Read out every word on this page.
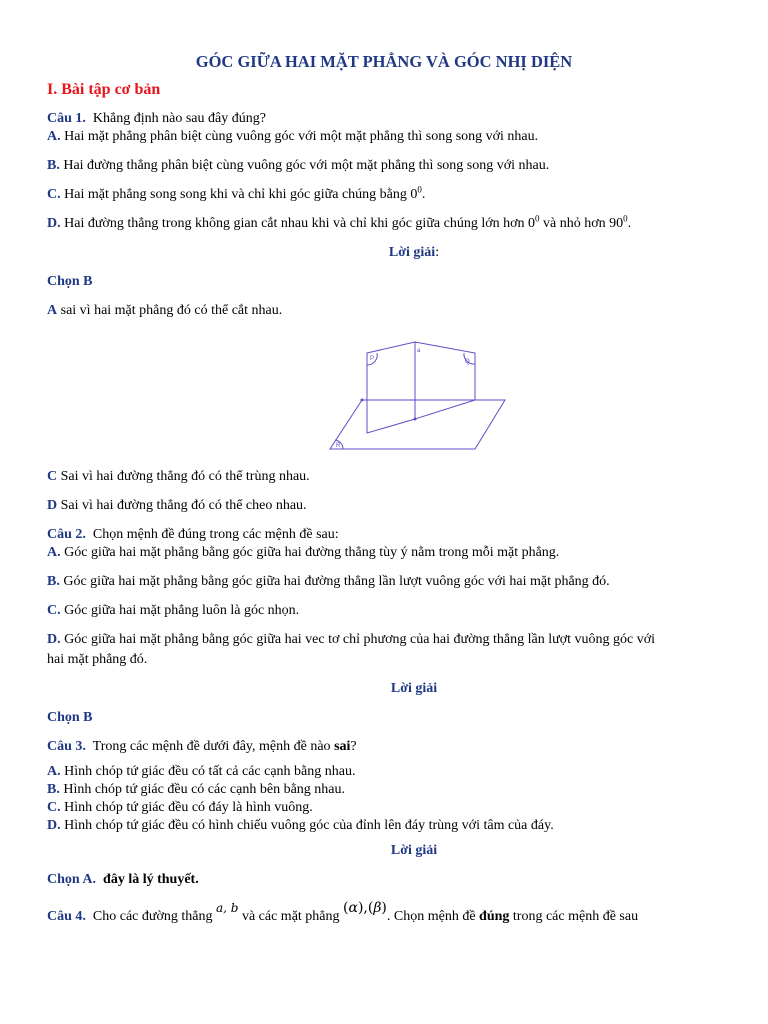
GÓC GIỮA HAI MẶT PHẲNG VÀ GÓC NHỊ DIỆN
I. Bài tập cơ bản
Câu 1. Khẳng định nào sau đây đúng?
A. Hai mặt phẳng phân biệt cùng vuông góc với một mặt phẳng thì song song với nhau.
B. Hai đường thẳng phân biệt cùng vuông góc với một mặt phẳng thì song song với nhau.
C. Hai mặt phẳng song song khi và chỉ khi góc giữa chúng bằng $0^0$.
D. Hai đường thẳng trong không gian cắt nhau khi và chỉ khi góc giữa chúng lớn hơn $0^0$ và nhỏ hơn $90^0$.
Lời giải:
Chọn B
A sai vì hai mặt phẳng đó có thể cắt nhau.
P	Q
R
a
C Sai vì hai đường thẳng đó có thể trùng nhau.
D Sai vì hai đường thẳng đó có thể cheo nhau.
Câu 2. Chọn mệnh đề đúng trong các mệnh đề sau:
A. Góc giữa hai mặt phẳng bằng góc giữa hai đường thẳng tùy ý nằm trong mỗi mặt phẳng.
B. Góc giữa hai mặt phẳng bằng góc giữa hai đường thẳng lần lượt vuông góc với hai mặt phẳng đó.
C. Góc giữa hai mặt phẳng luôn là góc nhọn.
D. Góc giữa hai mặt phẳng bằng góc giữa hai vec tơ chỉ phương của hai đường thẳng lần lượt vuông góc với
hai mặt phẳng đó.
Lời giải
Chọn B
Câu 3. Trong các mệnh đề dưới đây, mệnh đề nào sai?
A. Hình chóp tứ giác đều có tất cả các cạnh bằng nhau.
B. Hình chóp tứ giác đều có các cạnh bên bằng nhau.
C. Hình chóp tứ giác đều có đáy là hình vuông.
D. Hình chóp tứ giác đều có hình chiếu vuông góc của đỉnh lên đáy trùng với tâm của đáy.
Lời giải
Chọn A. đây là lý thuyết.
Câu 4. Cho các đường thẳng a, b và các mặt phẳng (α),(β). Chọn mệnh đề đúng trong các mệnh đề sau
